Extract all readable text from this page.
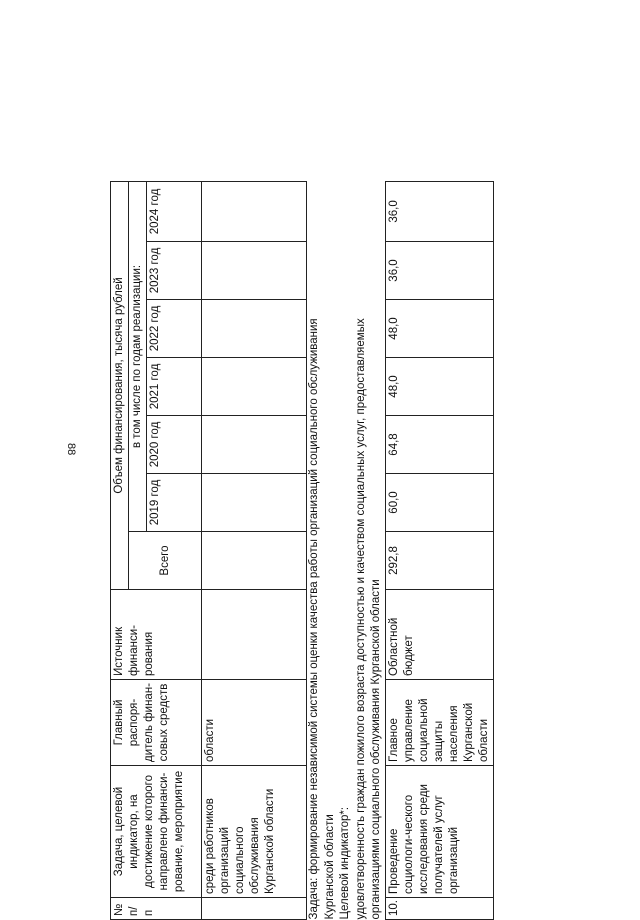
88
№ п/п	Задача, целевой индикатор, на достижение которого направлено финанси-рование, мероприятие	Главный распоря-дитель финан-совых средств	Источник финанси-рования	Объем финансирования, тысяча рублей						
				Всего	в том числе по годам реализации:					
					2019 год	2020 год	2021 год	2022 год	2023 год	2024 год
	среди работников организаций социального обслуживания Курганской области	области								

Задача: формирование независимой системы оценки качества работы организаций социального обслуживания Курганской области Целевой индикатор*: удовлетворенность граждан пожилого возраста доступностью и качеством социальных услуг, предоставляемых организациями социального обслуживания Курганской области										

10.	Проведение социологи-ческого исследования среди получателей услуг организаций	Главное управление социальной защиты населения Курганской области	Областной бюджет	292,8	60,0	64,8	48,0	48,0	36,0	36,0
